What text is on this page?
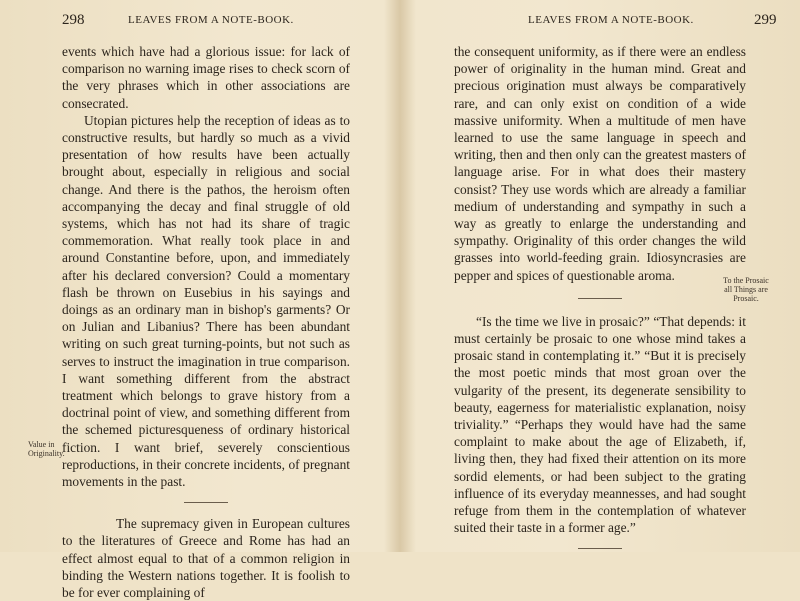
298	LEAVES FROM A NOTE-BOOK.

events which have had a glorious issue: for lack of comparison no warning image rises to check scorn of the very phrases which in other associations are consecrated.

Utopian pictures help the reception of ideas as to constructive results, but hardly so much as a vivid presentation of how results have been actually brought about, especially in religious and social change. And there is the pathos, the heroism often accompanying the decay and final struggle of old systems, which has not had its share of tragic commemoration. What really took place in and around Constantine before, upon, and immediately after his declared conversion? Could a momentary flash be thrown on Eusebius in his sayings and doings as an ordinary man in bishop's garments? Or on Julian and Libanius? There has been abundant writing on such great turning-points, but not such as serves to instruct the imagination in true comparison. I want something different from the abstract treatment which belongs to grave history from a doctrinal point of view, and something different from the schemed picturesqueness of ordinary historical fiction. I want brief, severely conscientious reproductions, in their concrete incidents, of pregnant movements in the past.

The supremacy given in European cultures to the literatures of Greece and Rome has had an effect almost equal to that of a common religion in binding the Western nations together. It is foolish to be for ever complaining of

Value in Originality.
LEAVES FROM A NOTE-BOOK.	299

the consequent uniformity, as if there were an endless power of originality in the human mind. Great and precious origination must always be comparatively rare, and can only exist on condition of a wide massive uniformity. When a multitude of men have learned to use the same language in speech and writing, then and then only can the greatest masters of language arise. For in what does their mastery consist? They use words which are already a familiar medium of understanding and sympathy in such a way as greatly to enlarge the understanding and sympathy. Originality of this order changes the wild grasses into world-feeding grain. Idiosyncrasies are pepper and spices of questionable aroma.

“Is the time we live in prosaic?” “That depends: it must certainly be prosaic to one whose mind takes a prosaic stand in contemplating it.” “But it is precisely the most poetic minds that most groan over the vulgarity of the present, its degenerate sensibility to beauty, eagerness for materialistic explanation, noisy triviality.” “Perhaps they would have had the same complaint to make about the age of Elizabeth, if, living then, they had fixed their attention on its more sordid elements, or had been subject to the grating influence of its everyday meannesses, and had sought refuge from them in the contemplation of whatever suited their taste in a former age.”

To the Prosaic all Things are Prosaic.
